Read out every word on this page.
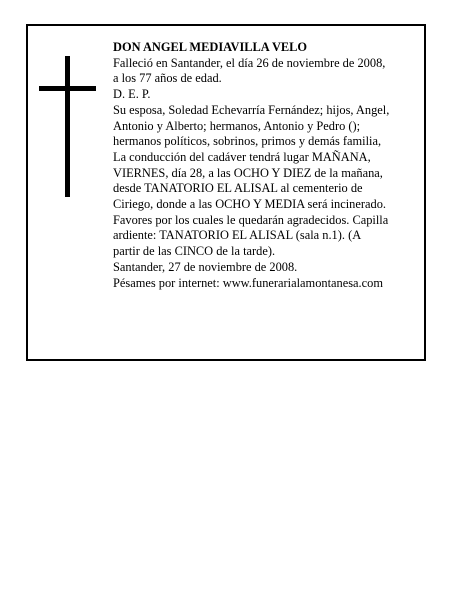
DON ANGEL MEDIAVILLA VELO

Falleció en Santander, el día 26 de noviembre de 2008,

a los 77 años de edad.

D. E. P.

Su esposa, Soledad Echevarría Fernández; hijos, Angel,

Antonio y Alberto; hermanos, Antonio y Pedro ();

hermanos políticos, sobrinos, primos y demás familia,

La conducción del cadáver tendrá lugar MAÑANA,

VIERNES, día 28, a las OCHO Y DIEZ de la mañana,

desde TANATORIO EL ALISAL al cementerio de

Ciriego, donde a las OCHO Y MEDIA será incinerado.

Favores por los cuales le quedarán agradecidos. Capilla

ardiente: TANATORIO EL ALISAL (sala n.1). (A

partir de las CINCO de la tarde).

Santander, 27 de noviembre de 2008.

Pésames por internet: www.funerarialamontanesa.com
